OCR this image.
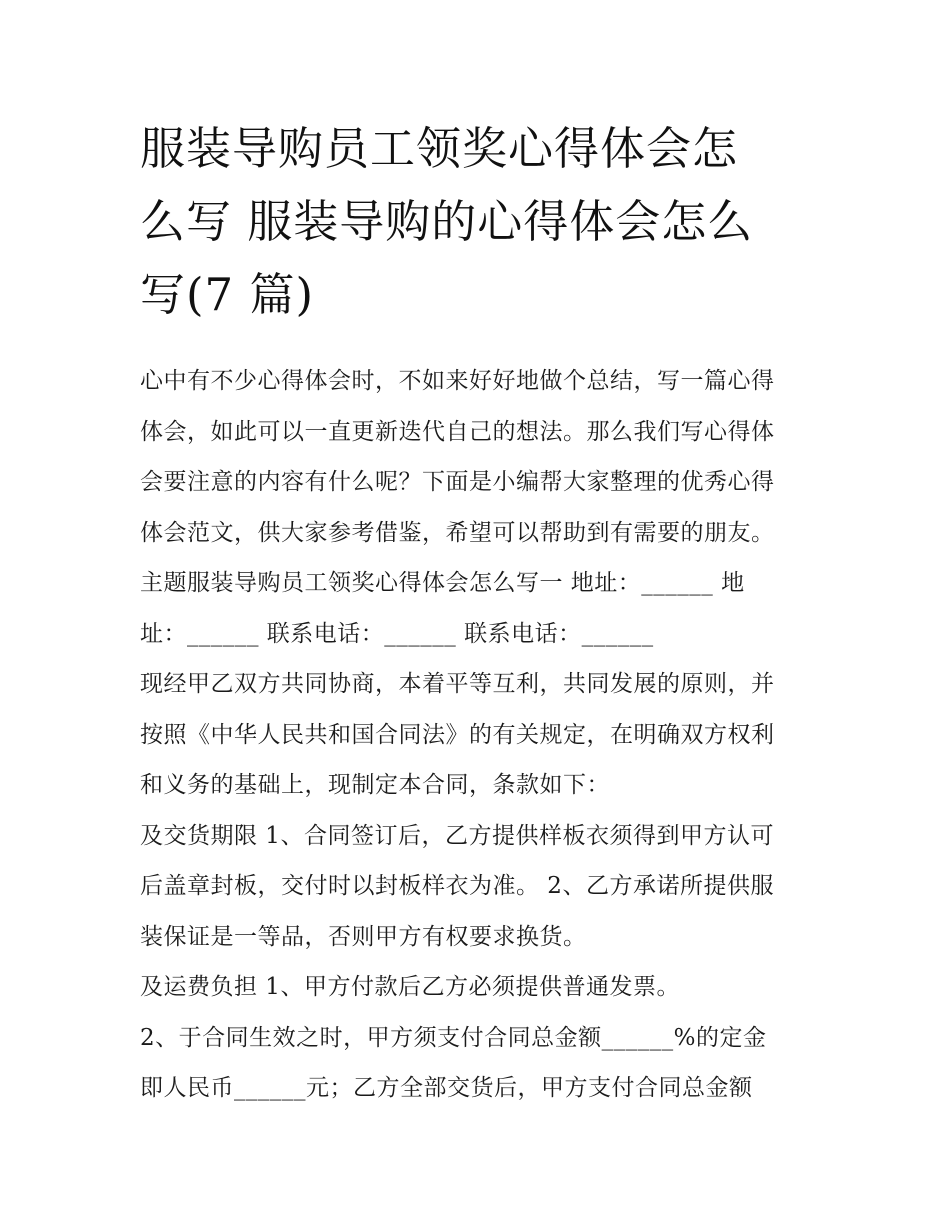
服装导购员工领奖心得体会怎
么写 服装导购的心得体会怎么
写(7 篇)
心中有不少心得体会时，不如来好好地做个总结，写一篇心得
体会，如此可以一直更新迭代自己的想法。那么我们写心得体
会要注意的内容有什么呢？下面是小编帮大家整理的优秀心得
体会范文，供大家参考借鉴，希望可以帮助到有需要的朋友。
主题服装导购员工领奖心得体会怎么写一 地址：______ 地
址：______ 联系电话：______ 联系电话：______
现经甲乙双方共同协商，本着平等互利，共同发展的原则，并
按照《中华人民共和国合同法》的有关规定，在明确双方权利
和义务的基础上，现制定本合同，条款如下：
及交货期限 1、合同签订后，乙方提供样板衣须得到甲方认可
后盖章封板，交付时以封板样衣为准。 2、乙方承诺所提供服
装保证是一等品，否则甲方有权要求换货。
及运费负担 1、甲方付款后乙方必须提供普通发票。
2、于合同生效之时，甲方须支付合同总金额______%的定金
即人民币______元；乙方全部交货后，甲方支付合同总金额
